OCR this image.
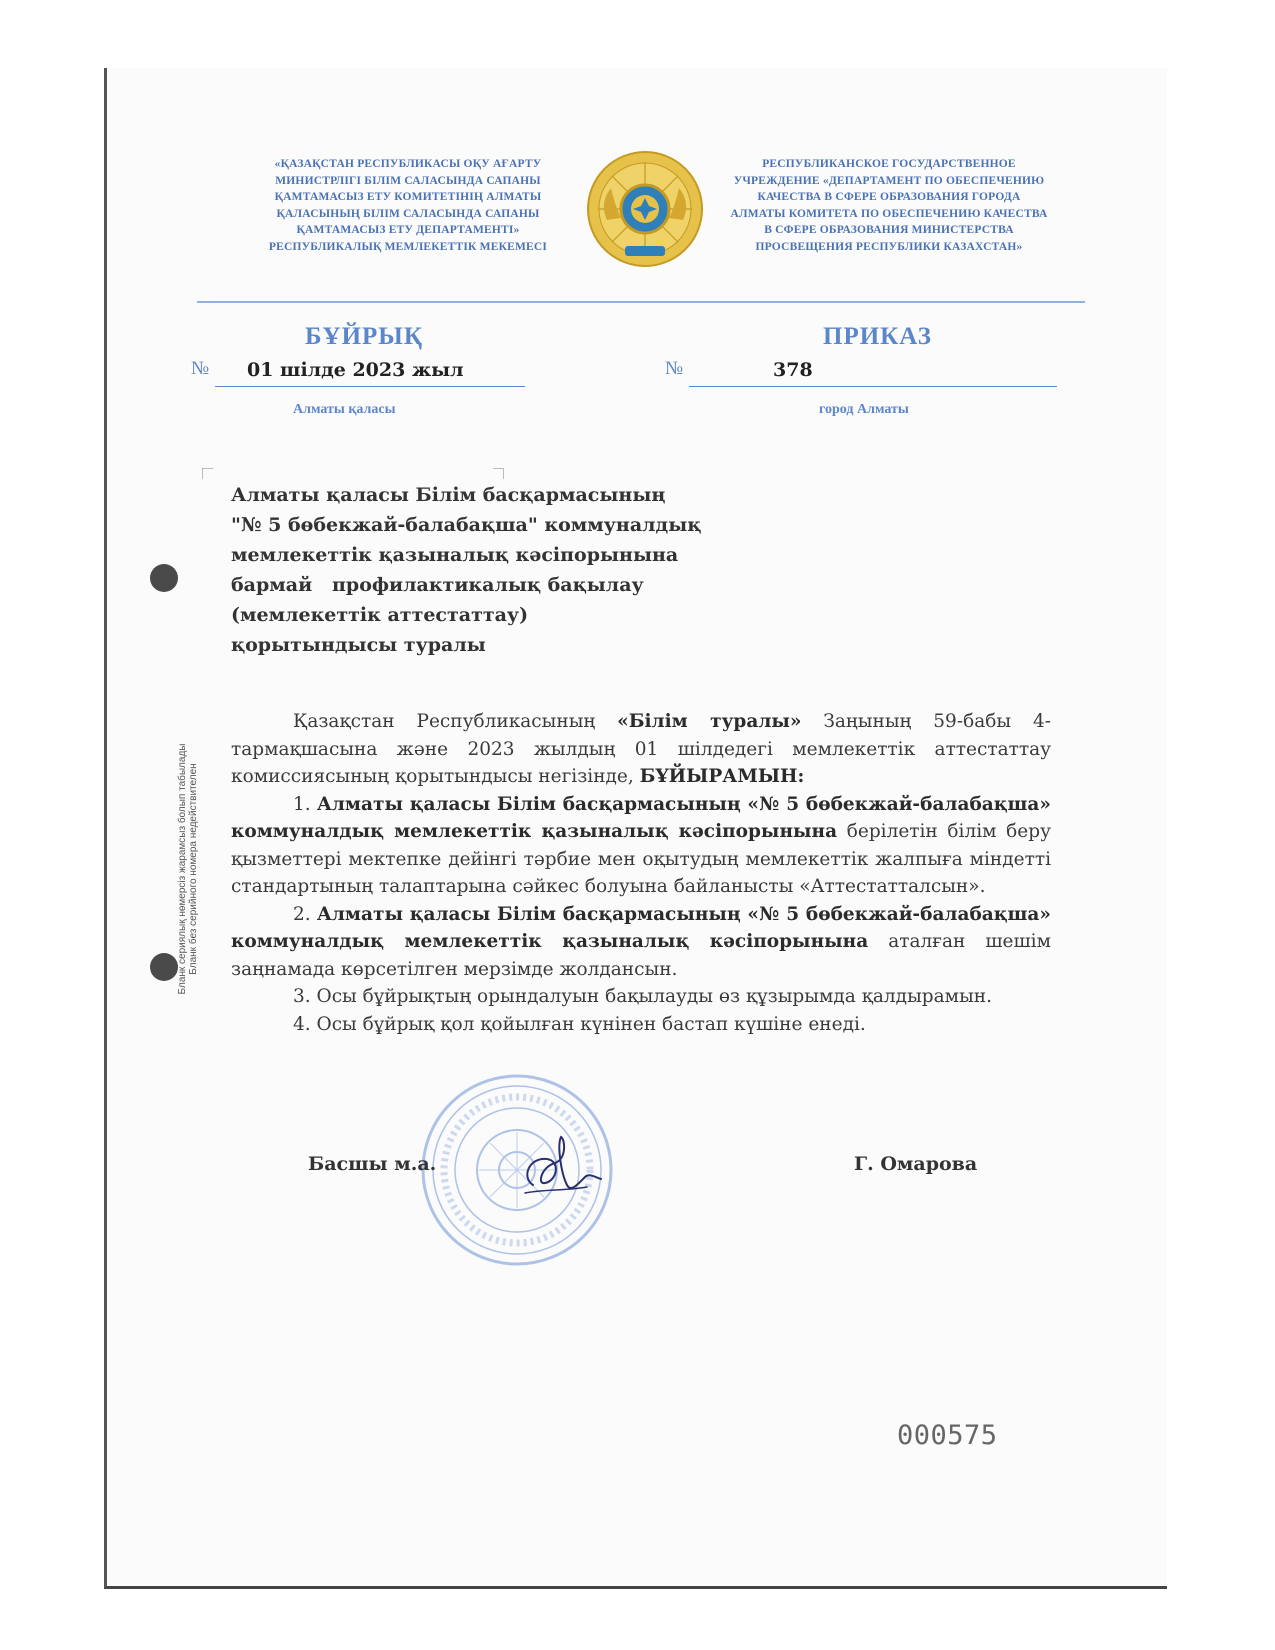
Бланк сериялық нөмерсіз жарамсыз болып табылады Бланк без серийного номера недействителен
«ҚАЗАҚСТАН РЕСПУБЛИКАСЫ ОҚУ АҒАРТУ
МИНИСТРЛІГІ БІЛІМ САЛАСЫНДА САПАНЫ
ҚАМТАМАСЫЗ ЕТУ КОМИТЕТІНІҢ АЛМАТЫ
ҚАЛАСЫНЫҢ БІЛІМ САЛАСЫНДА САПАНЫ
ҚАМТАМАСЫЗ ЕТУ ДЕПАРТАМЕНТІ»
РЕСПУБЛИКАЛЫҚ МЕМЛЕКЕТТІК МЕКЕМЕСІ
РЕСПУБЛИКАНСКОЕ ГОСУДАРСТВЕННОЕ
УЧРЕЖДЕНИЕ «ДЕПАРТАМЕНТ ПО ОБЕСПЕЧЕНИЮ
КАЧЕСТВА В СФЕРЕ ОБРАЗОВАНИЯ ГОРОДА
АЛМАТЫ КОМИТЕТА ПО ОБЕСПЕЧЕНИЮ КАЧЕСТВА
В СФЕРЕ ОБРАЗОВАНИЯ МИНИСТЕРСТВА
ПРОСВЕЩЕНИЯ РЕСПУБЛИКИ КАЗАХСТАН»
БҰЙРЫҚ	ПРИКАЗ
№ 01 шілде 2023 жыл	№	378
Алматы қаласы	город Алматы
Алматы қаласы Білім басқармасының
"№ 5 бөбекжай-балабақша" коммуналдық
мемлекеттік қазыналық кәсіпорынына
бармай   профилактикалық бақылау
(мемлекеттік аттестаттау)
қорытындысы туралы

Қазақстан Республикасының «Білім туралы» Заңының 59-бабы 4-тармақшасына және 2023 жылдың 01 шілдедегі мемлекеттік аттестаттау комиссиясының қорытындысы негізінде, БҰЙЫРАМЫН:

1. Алматы қаласы Білім басқармасының «№ 5 бөбекжай-балабақша» коммуналдық мемлекеттік қазыналық кәсіпорынына берілетін білім беру қызметтері мектепке дейінгі тәрбие мен оқытудың мемлекеттік жалпыға міндетті стандартының талаптарына сәйкес болуына байланысты «Аттестатталсын».

2. Алматы қаласы Білім басқармасының «№ 5 бөбекжай-балабақша» коммуналдық мемлекеттік қазыналық кәсіпорынына аталған шешім заңнамада көрсетілген мерзімде жолдансын.

3. Осы бұйрықтың орындалуын бақылауды өз құзырымда қалдырамын.

4. Осы бұйрық қол қойылған күнінен бастап күшіне енеді.

Басшы м.а.	Г. Омарова
000575
